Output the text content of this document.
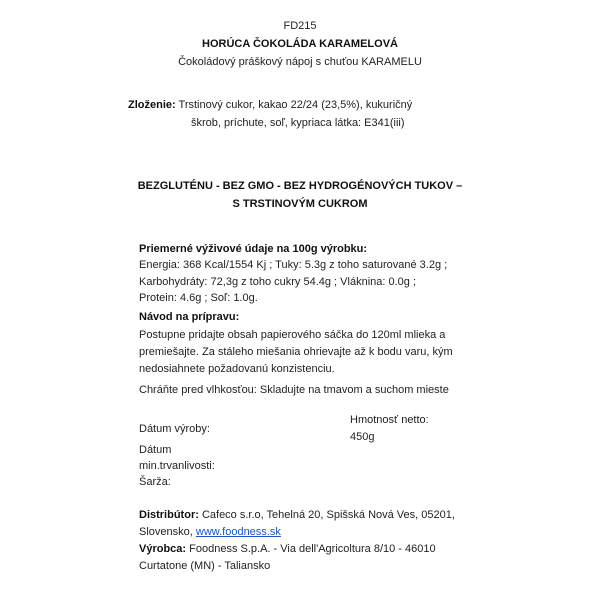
FD215
HORÚCA ČOKOLÁDA KARAMELOVÁ
Čokoládový práškový nápoj s chuťou KARAMELU
Zloženie: Trstinový cukor, kakao 22/24 (23,5%), kukuričný
škrob, príchute, soľ, kypriaca látka: E341(iii)
BEZGLUTÉNU - BEZ GMO - BEZ HYDROGÉNOVÝCH TUKOV –
S TRSTINOVÝM CUKROM
Priemerné výživové údaje na 100g výrobku:
Energia: 368 Kcal/1554 Kj ; Tuky: 5.3g z toho saturované 3.2g ;
Karbohydráty: 72,3g z toho cukry 54.4g ; Vláknina: 0.0g ;
Protein: 4.6g ; Soľ: 1.0g.
Návod na prípravu:
Postupne pridajte obsah papierového sáčka do 120ml mlieka a
premiešajte. Za stáleho miešania ohrievajte až k bodu varu, kým
nedosiahnete požadovanú konzistenciu.
Chráňte pred vlhkosťou: Skladujte na tmavom a suchom mieste
Hmotnosť netto:
450g
Dátum výroby:
Dátum
min.trvanlivosti:
Šarža:
Distribútor: Cafeco s.r.o, Tehelná 20, Spišská Nová Ves, 05201,
Slovensko, www.foodness.sk
Výrobca: Foodness S.p.A. - Via dell'Agricoltura 8/10 - 46010
Curtatone (MN) - Taliansko
